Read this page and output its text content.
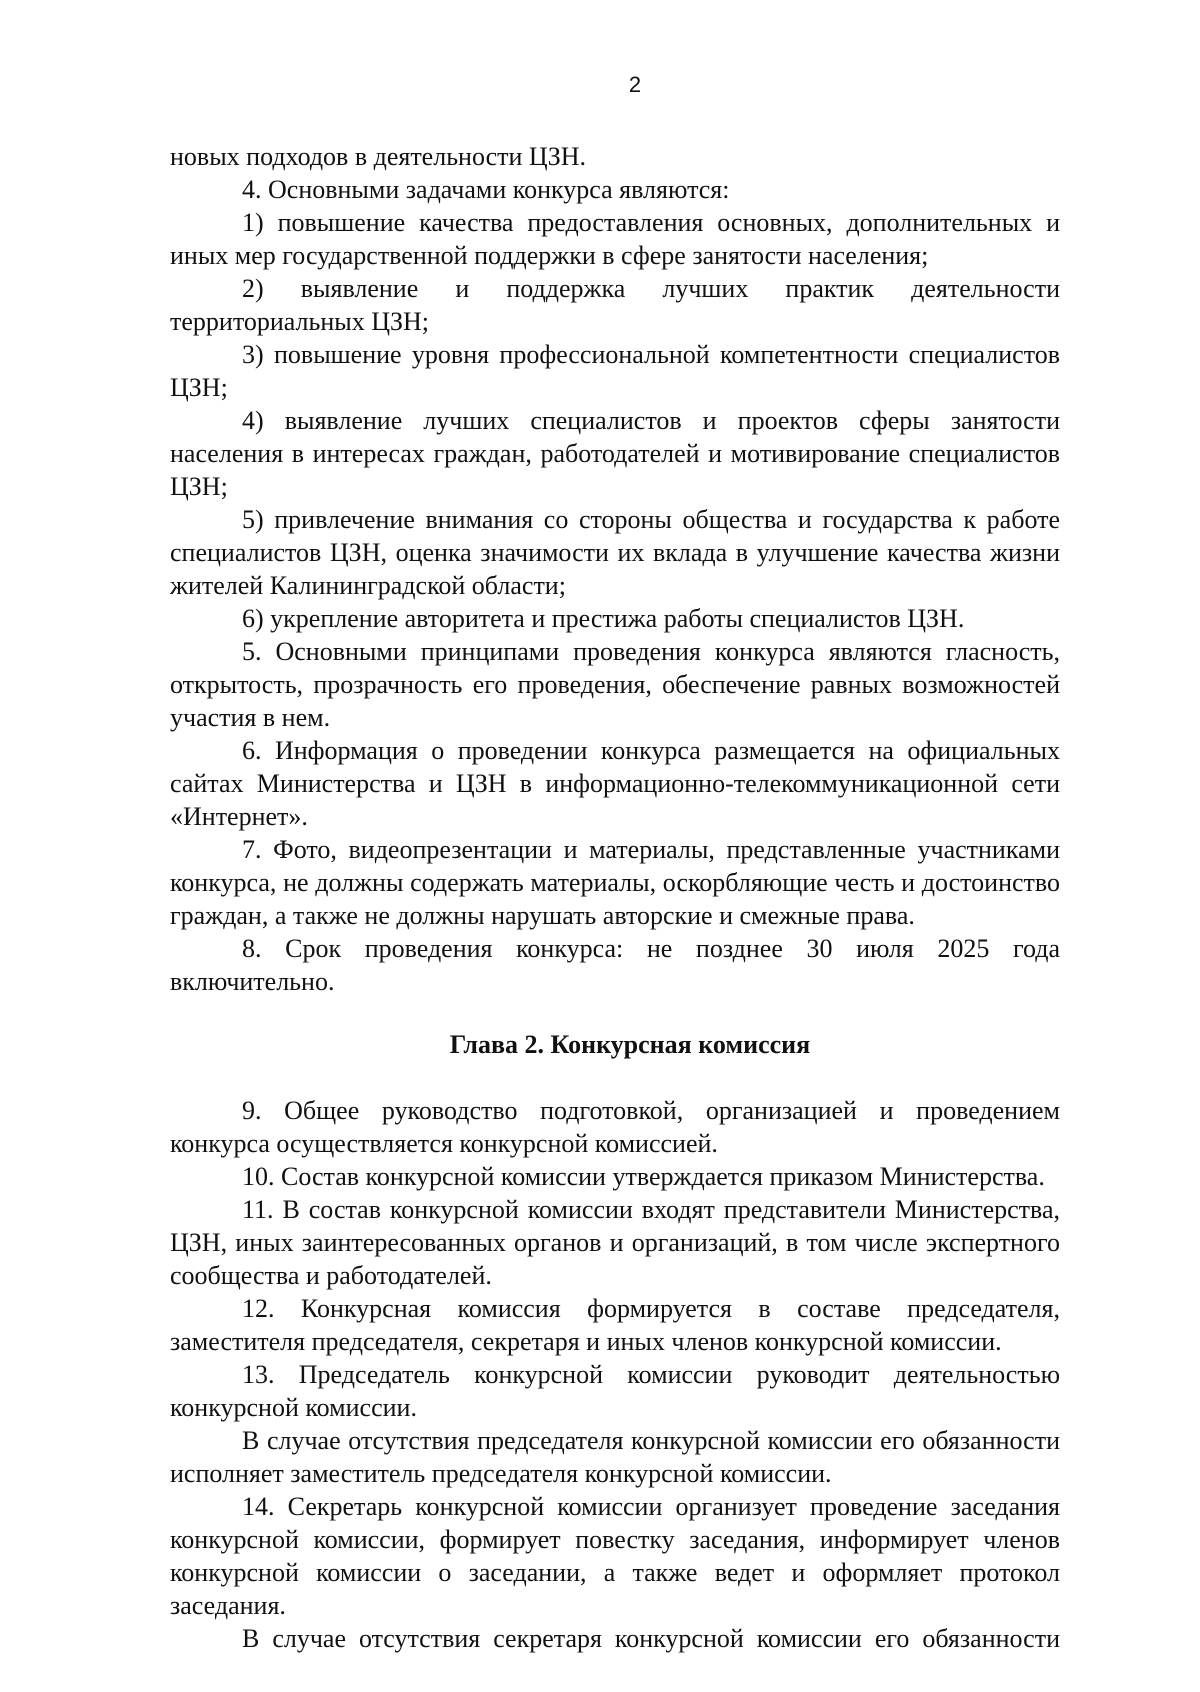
2

новых подходов в деятельности ЦЗН.

4. Основными задачами конкурса являются:

1) повышение качества предоставления основных, дополнительных и иных мер государственной поддержки в сфере занятости населения;

2) выявление и поддержка лучших практик деятельности территориальных ЦЗН;

3) повышение уровня профессиональной компетентности специалистов ЦЗН;

4) выявление лучших специалистов и проектов сферы занятости населения в интересах граждан, работодателей и мотивирование специалистов ЦЗН;

5) привлечение внимания со стороны общества и государства к работе специалистов ЦЗН, оценка значимости их вклада в улучшение качества жизни жителей Калининградской области;

6) укрепление авторитета и престижа работы специалистов ЦЗН.

5. Основными принципами проведения конкурса являются гласность, открытость, прозрачность его проведения, обеспечение равных возможностей участия в нем.

6. Информация о проведении конкурса размещается на официальных сайтах Министерства и ЦЗН в информационно-телекоммуникационной сети «Интернет».

7. Фото, видеопрезентации и материалы, представленные участниками конкурса, не должны содержать материалы, оскорбляющие честь и достоинство граждан, а также не должны нарушать авторские и смежные права.

8. Срок проведения конкурса: не позднее 30 июля 2025 года включительно.

Глава 2. Конкурсная комиссия

9. Общее руководство подготовкой, организацией и проведением конкурса осуществляется конкурсной комиссией.

10. Состав конкурсной комиссии утверждается приказом Министерства.

11. В состав конкурсной комиссии входят представители Министерства, ЦЗН, иных заинтересованных органов и организаций, в том числе экспертного сообщества и работодателей.

12. Конкурсная комиссия формируется в составе председателя, заместителя председателя, секретаря и иных членов конкурсной комиссии.

13. Председатель конкурсной комиссии руководит деятельностью конкурсной комиссии.

В случае отсутствия председателя конкурсной комиссии его обязанности исполняет заместитель председателя конкурсной комиссии.

14. Секретарь конкурсной комиссии организует проведение заседания конкурсной комиссии, формирует повестку заседания, информирует членов конкурсной комиссии о заседании, а также ведет и оформляет протокол заседания.

В случае отсутствия секретаря конкурсной комиссии его обязанности
